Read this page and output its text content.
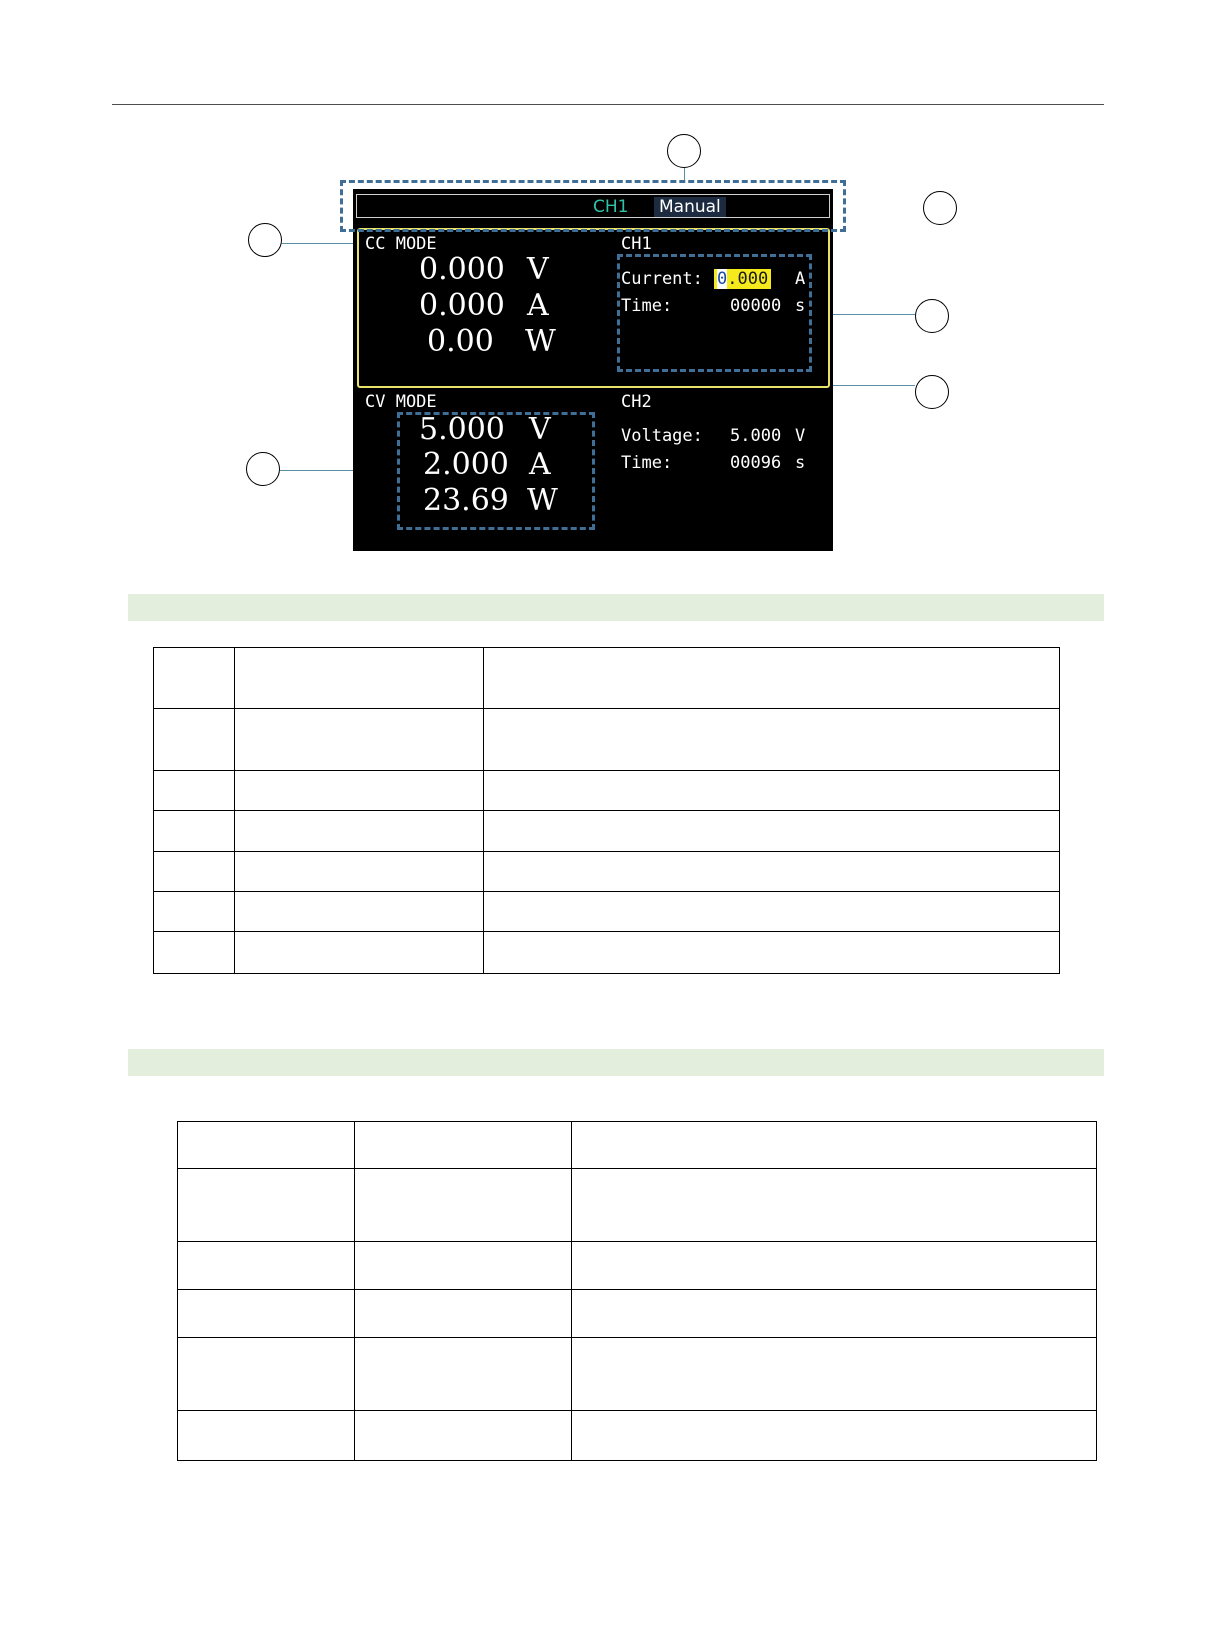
CH1 Manual
CC MODE
0.000 V
0.000 A
0.00 W
CH1
Current: 0.000 A
Time:	00000 s
CV MODE
5.000 V
2.000 A
23.69 W
CH2
Voltage: 5.000 V
Time:	00096 s
